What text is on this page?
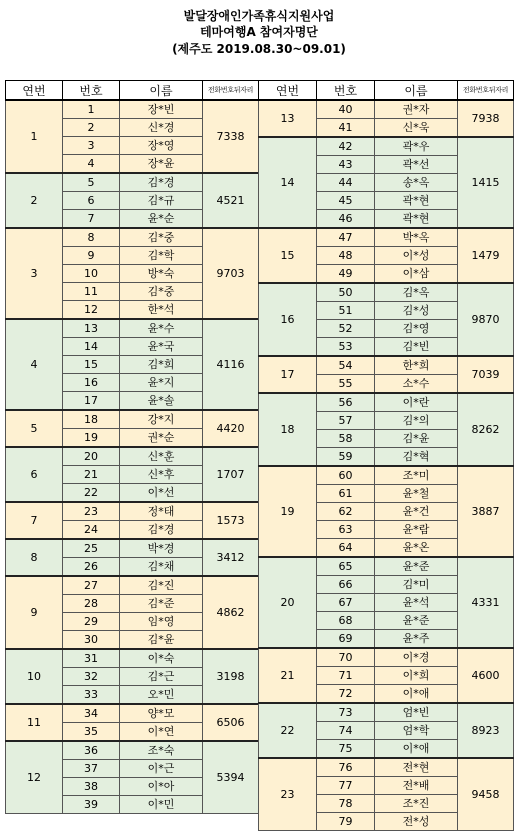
발달장애인가족휴식지원사업
테마여행A 참여자명단
(제주도 2019.08.30~09.01)
연번	번호	이름	전화번호뒤자리
1	1	장*빈	7338
	2	신*경	
	3	장*영	
	4	장*윤	
2	5	김*경	4521
	6	김*규	
	7	윤*순	
3	8	김*중	9703
	9	김*학	
	10	방*숙	
	11	김*중	
	12	한*석	
4	13	윤*수	4116
	14	윤*국	
	15	김*희	
	16	윤*지	
	17	윤*솔	
5	18	강*지	4420
	19	권*순	
6	20	신*훈	1707
	21	신*후	
	22	이*선	
7	23	정*태	1573
	24	김*경	
8	25	박*경	3412
	26	김*채	
9	27	김*진	4862
	28	김*준	
	29	임*영	
	30	김*윤	
10	31	이*숙	3198
	32	김*근	
	33	오*민	
11	34	양*모	6506
	35	이*연	
12	36	조*숙	5394
	37	이*근	
	38	이*아	
	39	이*민	
연번	번호	이름	전화번호뒤자리
13	40	권*자	7938
	41	신*욱	
14	42	곽*우	1415
	43	곽*선	
	44	송*옥	
	45	곽*현	
	46	곽*현	
15	47	박*옥	1479
	48	이*성	
	49	이*삼	
16	50	김*옥	9870
	51	김*성	
	52	김*영	
	53	김*빈	
17	54	한*희	7039
	55	소*수	
18	56	이*란	8262
	57	김*의	
	58	김*윤	
	59	김*혁	
19	60	조*미	3887
	61	윤*철	
	62	윤*건	
	63	윤*람	
	64	윤*온	
20	65	윤*준	4331
	66	김*미	
	67	윤*석	
	68	윤*준	
	69	윤*주	
21	70	이*경	4600
	71	이*희	
	72	이*애	
22	73	엄*빈	8923
	74	엄*학	
	75	이*애	
23	76	전*현	9458
	77	전*배	
	78	조*진	
	79	전*성	
